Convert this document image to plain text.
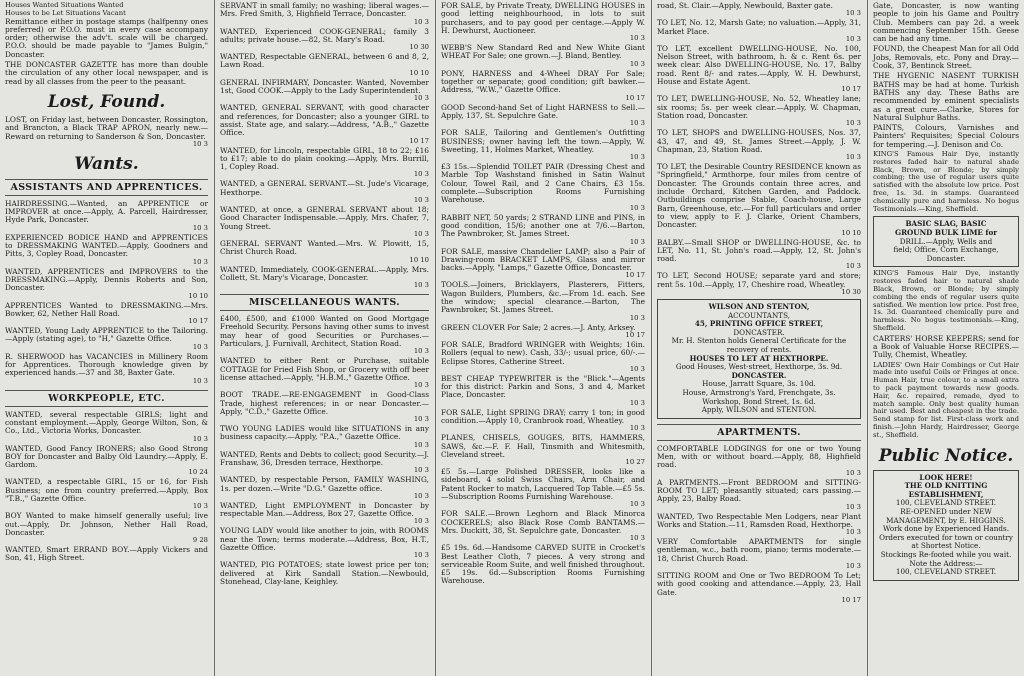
Houses Wanted Situations Wanted
Houses to be Let Situations Vacant

Remittance either in postage stamps (halfpenny ones preferred) or P.O.O. must in every case accompany order; otherwise the adv't. scale will be charged. P.O.O. should be made payable to "James Bulgin," Doncaster.

THE DONCASTER GAZETTE has more than double the circulation of any other local newspaper, and is read by all classes from the peer to the peasant.

Lost, Found.

LOST, on Friday last, between Doncaster, Rossington, and Brancton, a Black TRAP APRON, nearly new.—Reward on returning to Sanderson & Son, Doncaster.
10 3

Wants.
ASSISTANTS AND APPRENTICES.

HAIRDRESSING.—Wanted, an APPRENTICE or IMPROVER at once.—Apply, A. Parcell, Hairdresser, Hyde Park, Doncaster.
10 3

EXPERIENCED BODICE HAND and APPRENTICES to DRESSMAKING WANTED.—Apply, Goodners and Pitts, 3, Copley Road, Doncaster.
10 3

WANTED, APPRENTICES and IMPROVERS to the DRESSMAKING.—Apply, Dennis Roberts and Son, Doncaster.
10 10

APPRENTICES Wanted to DRESSMAKING.—Mrs. Bowker, 62, Nether Hall Road.
10 17

WANTED, Young Lady APPRENTICE to the Tailoring.—Apply (stating age), to "H," Gazette Office.
10 3

R. SHERWOOD has VACANCIES in Millinery Room for Apprentices. Thorough knowledge given by experienced hands.—37 and 38, Baxter Gate.
10 3

WORKPEOPLE, ETC.

WANTED, several respectable GIRLS; light and constant employment.—Apply, George Wilton, Son, & Co., Ltd., Victoria Works, Doncaster.
10 3

WANTED, Good Fancy IRONERS; also Good Strong BOY for Doncaster and Balby Old Laundry.—Apply, E. Gardom.
10 24

WANTED, a respectable GIRL, 15 or 16, for Fish Business; one from country preferred.—Apply, Box "T.B.," Gazette Office.
10 3

BOY Wanted to make himself generally useful; live out.—Apply, Dr. Johnson, Nether Hall Road, Doncaster.
9 28

WANTED, Smart ERRAND BOY.—Apply Vickers and Son, 41, High Street.

SERVANT in small family; no washing; liberal wages.—Mrs. Fred Smith, 3, Highfield Terrace, Doncaster.
10 3

WANTED, Experienced COOK-GENERAL; family 3 adults; private house.—82, St. Mary's Road.
10 30

WANTED, Respectable GENERAL, between 6 and 8, 2, Lawn Road.
10 10

GENERAL INFIRMARY, Doncaster. Wanted, November 1st, Good COOK.—Apply to the Lady Superintendent.
10 3

WANTED, GENERAL SERVANT, with good character and references, for Doncaster; also a younger GIRL to assist. State age, and salary.—Address, "A.B.," Gazette Office.
10 17

WANTED, for Lincoln, respectable GIRL, 18 to 22; £16 to £17; able to do plain cooking.—Apply, Mrs. Burrill, 1, Copley Road.
10 3

WANTED, a GENERAL SERVANT.—St. Jude's Vicarage, Hexthorpe.
10 3

WANTED, at once, a GENERAL SERVANT about 18; Good Character Indispensable.—Apply, Mrs. Chafer, 7, Young Street.
10 3

GENERAL SERVANT Wanted.—Mrs. W. Plowitt, 15, Christ Church Road.
10 10

WANTED, Immediately, COOK-GENERAL.—Apply, Mrs. Collett, St. Mary's Vicarage, Doncaster.
10 3

MISCELLANEOUS WANTS.

£400, £500, and £1000 Wanted on Good Mortgage Freehold Security. Persons having other sums to invest may hear of good Securities or Purchases.—Particulars, J. Furnivall, Architect, Station Road.
10 3

WANTED to either Rent or Purchase, suitable COTTAGE for Fried Fish Shop, or Grocery with off beer license attached.—Apply, "H.B.M.," Gazette Office.
10 3

BOOT TRADE.—RE-ENGAGEMENT in Good-Class Trade, highest references; in or near Doncaster.—Apply, "C.D.," Gazette Office.
10 3

TWO YOUNG LADIES would like SITUATIONS in any business capacity.—Apply, "P.A.," Gazette Office.
10 3

WANTED, Rents and Debts to collect; good Security.—J. Franshaw, 36, Dresden terrace, Hexthorpe.
10 3

WANTED, by respectable Person, FAMILY WASHING, 1s. per dozen.—Write "D.G." Gazette office.
10 3

WANTED, Light EMPLOYMENT in Doncaster by respectable Man.—Address, Box 27, Gazette Office.
10 3

YOUNG LADY would like another to join, with ROOMS near the Town; terms moderate.—Address, Box, H.T., Gazette Office.
10 3

WANTED, PIG POTATOES; state lowest price per ton; delivered at Kirk Sandall Station.—Newbould, Stonehead, Clay-lane, Keighley.

FOR SALE, by Private Treaty, DWELLING HOUSES in good letting neighbourhood, in lots to suit purchasers, and to pay good per centage.—Apply W. H. Dewhurst, Auctioneer.
10 3

WEBB'S New Standard Red and New White Giant WHEAT For Sale; one grown.—J. Bland, Bentley.
10 3

PONY, HARNESS and 4-Wheel DRAY For Sale; together or separate; good condition; gift bawker.—Address, "W.W.," Gazette Office.
10 17

GOOD Second-hand Set of Light HARNESS to Sell.—Apply, 137, St. Sepulchre Gate.
10 3

FOR SALE, Tailoring and Gentlemen's Outfitting BUSINESS; owner having left the town.—Apply, W. Sweeting, 11, Holmes Market, Wheatley.
10 3

£3 15s.—Splendid TOILET PAIR (Dressing Chest and Marble Top Washstand finished in Satin Walnut Colour, Towel Rail, and 2 Cane Chairs, £3 15s. complete.—Subscription Rooms Furnishing Warehouse.
10 3

RABBIT NET, 50 yards; 2 STRAND LINE and PINS, in good condition, 15/6; another one at 7/6.—Barton, The Pawnbroker, St. James Street.
10 3

FOR SALE, massive Chandelier LAMP; also a Pair of Drawing-room BRACKET LAMPS, Glass and mirror backs.—Apply, "Lamps," Gazette Office, Doncaster.
10 17

TOOLS.—Joiners, Bricklayers, Plasterers, Fitters, Wagon Builders, Plumbers, &c.—From 1d. each. See the window; special clearance.—Barton, The Pawnbroker, St. James Street.
10 3

GREEN CLOVER For Sale; 2 acres.—J. Anty, Arksey.
10 17

FOR SALE, Bradford WRINGER with Weights; 16in. Rollers (equal to new). Cash, 33/-; usual price, 60/-.—Eclipse Stores, Catherine Street.
10 3

BEST CHEAP TYPEWRITER is the "Blick."—Agents for this district: Parkin and Sons, 3 and 4, Market Place, Doncaster.
10 3

FOR SALE, Light SPRING DRAY; carry 1 ton; in good condition.—Apply 10, Cranbrook road, Wheatley.
10 3

PLANES, CHISELS, GOUGES, BITS, HAMMERS, SAWS, &c.—F. F. Hall, Tinsmith and Whitesmith, Cleveland street.
10 27

£5 5s.—Large Polished DRESSER, looks like a sideboard, 4 solid Swiss Chairs, Arm Chair, and Patent Rocker to match, Lacquered Top Table.—£5 5s.—Subscription Rooms Furnishing Warehouse.
10 3

FOR SALE.—Brown Leghorn and Black Minorca COCKERELS; also Black Rose Comb BANTAMS.—Mrs. Duckitt, 38, St. Sepulchre gate, Doncaster.
10 3

£5 19s. 6d.—Handsome CARVED SUITE in Crocket's Best Leather Cloth, 7 pieces. A very strong and serviceable Room Suite, and well finished throughout. £5 19s. 6d.—Subscription Rooms Furnishing Warehouse.

road, St. Clair.—Apply, Newbould, Baxter gate.
10 3

TO LET, No. 12, Marsh Gate; no valuation.—Apply, 31, Market Place.
10 3

TO LET, excellent DWELLING-HOUSE, No. 100, Nelson Street, with bathroom, h. & c. Rent 6s. per week clear. Also DWELLING-HOUSE, No. 17, Balby road. Rent 8/- and rates.—Apply, W. H. Dewhurst, House and Estate Agent.
10 17

TO LET, DWELLING-HOUSE, No. 52, Wheatley lane; six rooms; 5s. per week clear.—Apply, W. Chapman, Station road, Doncaster.
10 3

TO LET, SHOPS and DWELLING-HOUSES, Nos. 37, 43, 47, and 49, St. James Street.—Apply, J. W. Chapman, 23, Station Road.
10 3

TO LET, the Desirable Country RESIDENCE known as "Springfield," Armthorpe, four miles from centre of Doncaster. The Grounds contain three acres, and include Orchard, Kitchen Garden, and Paddock. Outbuildings comprise Stable, Coach-house, Large Barn, Greenhouse, etc.—For full particulars and order to view, apply to F. J. Clarke, Orient Chambers, Doncaster.
10 10

BALBY.—Small SHOP or DWELLING-HOUSE, &c. to LET, No. 11, St. John's road.—Apply, 12, St. John's road.
10 3

TO LET, Second HOUSE; separate yard and store; rent 5s. 10d.—Apply, 17, Cheshire road, Wheatley.
10 30

WILSON AND STENTON,
ACCOUNTANTS,
45, PRINTING OFFICE STREET,
DONCASTER.
Mr. H. Stenton holds General Certificate for the recovery of rents.
HOUSES TO LET AT HEXTHORPE.
Good Houses, West-street, Hexthorpe, 3s. 9d.
DONCASTER.
House, Jarratt Square, 3s. 10d.
House, Armstrong's Yard, Frenchgate, 3s.
Workshop, Bond Street, 1s. 6d.
Apply, WILSON and STENTON.
APARTMENTS.

COMFORTABLE LODGINGS for one or two Young Men, with or without board.—Apply, 88, Highfield road.
10 3

A PARTMENTS.—Front BEDROOM and SITTING-ROOM TO LET; pleasantly situated; cars passing.—Apply, 23, Balby Road.
10 3

WANTED, Two Respectable Men Lodgers, near Plant Works and Station.—11, Ramsden Road, Hexthorpe.
10 3

VERY Comfortable APARTMENTS for single gentleman, w.c., bath room, piano; terms moderate.—18, Christ Church Road.
10 3

SITTING ROOM and One or Two BEDROOM To Let; with good cooking and attendance.—Apply, 23, Hall Gate.
10 17

Gate, Doncaster, is now wanting people to join his Game and Poultry Club. Members can pay 2d. a week commencing September 15th. Geese can be had any time.

FOUND, the Cheapest Man for all Odd Jobs, Removals, etc. Pony and Dray.—Cook, 37, Bentinck Street.

THE HYGENIC NASENT TURKISH BATHS may be had at home. Turkish BATHS any day. These Baths are recommended by eminent specialists as a great cure.—Clarke, Stores for Natural Sulphur Baths.

PAINTS, Colours, Varnishes and Painters' Requisites; Special Colours for tempering.—J. Denison and Co.

KING'S Famous Hair Dye, instantly restores faded hair to natural shade Black, Brown, or Blonde; by simply combing; the use of regular users quite satisfied with the absolute low price. Post free, 1s. 3d. in stamps. Guaranteed chemically pure and harmless. No bogus Testimonials.—King, Sheffield.

BASIC SLAG, BASIC
GROUND BULK LIME for
DRILL.—Apply, Wells and
field; Office, Corn Exchange, Doncaster.

KING'S Famous Hair Dye, instantly restores faded hair to natural shade Black, Brown, or Blonde; by simply combing the ends of regular users quite satisfied. We mention low price. Post free, 1s. 3d. Guaranteed chemically pure and harmless. No bogus testimonials.—King, Sheffield.

CARTERS' HORSE KEEPERS; send for a Book of Valuable Horse RECIPES.—Tully, Chemist, Wheatley.

LADIES' Own Hair Combings or Cut Hair made into useful Coils or Fringes at once. Human Hair, true colour, to a small extra to pack payment towards new goods. Hair, &c. repaired, remade, dyed to match sample. Only best quality human hair used. Best and cheapest in the trade. Send stamp for list. First-class work and finish.—John Hardy, Hairdresser, George st., Sheffield.

Public Notice.
LOOK HERE!
THE OLD KNITTING ESTABLISHMENT,
100, CLEVELAND STREET.
RE-OPENED under NEW MANAGEMENT, by E. HIGGINS.
Work done by Experienced Hands. Orders executed for town or country at Shortest Notice.
Stockings Re-footed while you wait.
Note the Address:—
100, CLEVELAND STREET.
